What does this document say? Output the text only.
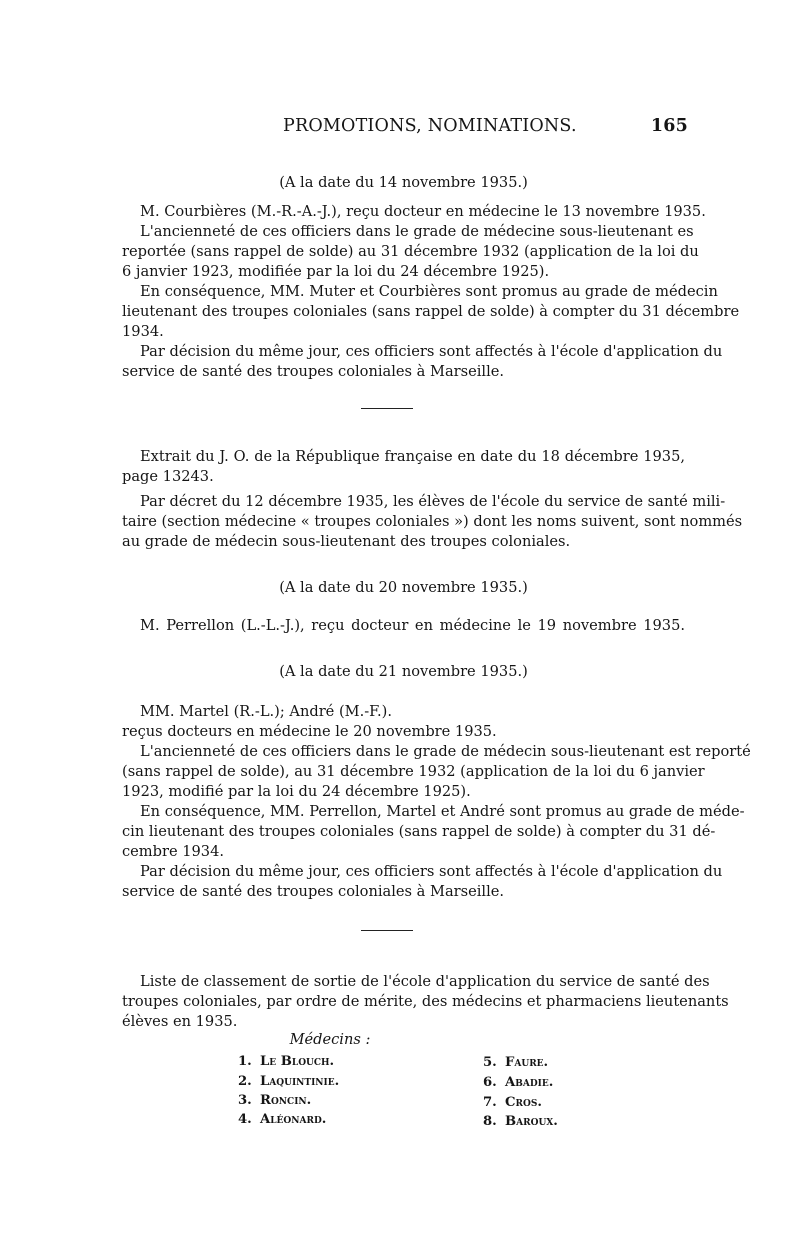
PROMOTIONS, NOMINATIONS.	165
(A la date du 14 novembre 1935.)
M. Courbières (M.-R.-A.-J.), reçu docteur en médecine le 13 novembre 1935.
L'ancienneté de ces officiers dans le grade de médecine sous-lieutenant es
reportée (sans rappel de solde) au 31 décembre 1932 (application de la loi du
6 janvier 1923, modifiée par la loi du 24 décembre 1925).
En conséquence, MM. Muter et Courbières sont promus au grade de médecin
lieutenant des troupes coloniales (sans rappel de solde) à compter du 31 décembre
1934.
Par décision du même jour, ces officiers sont affectés à l'école d'application du
service de santé des troupes coloniales à Marseille.
Extrait du J. O. de la République française en date du 18 décembre 1935,
page 13243.
Par décret du 12 décembre 1935, les élèves de l'école du service de santé mili-
taire (section médecine « troupes coloniales ») dont les noms suivent, sont nommés
au grade de médecin sous-lieutenant des troupes coloniales.
(A la date du 20 novembre 1935.)
M. Perrellon (L.-L.-J.), reçu docteur en médecine le 19 novembre 1935.
(A la date du 21 novembre 1935.)
MM. Martel (R.-L.); André (M.-F.).
reçus docteurs en médecine le 20 novembre 1935.
L'ancienneté de ces officiers dans le grade de médecin sous-lieutenant est reporté
(sans rappel de solde), au 31 décembre 1932 (application de la loi du 6 janvier
1923, modifié par la loi du 24 décembre 1925).
En conséquence, MM. Perrellon, Martel et André sont promus au grade de méde-
cin lieutenant des troupes coloniales (sans rappel de solde) à compter du 31 dé-
cembre 1934.
Par décision du même jour, ces officiers sont affectés à l'école d'application du
service de santé des troupes coloniales à Marseille.
Liste de classement de sortie de l'école d'application du service de santé des
troupes coloniales, par ordre de mérite, des médecins et pharmaciens lieutenants
élèves en 1935.
Médecins :
1. Le Blouch.
2. Laquintinie.
3. Roncin.
4. Aléonard.
5. Faure.
6. Abadie.
7. Cros.
8. Baroux.
